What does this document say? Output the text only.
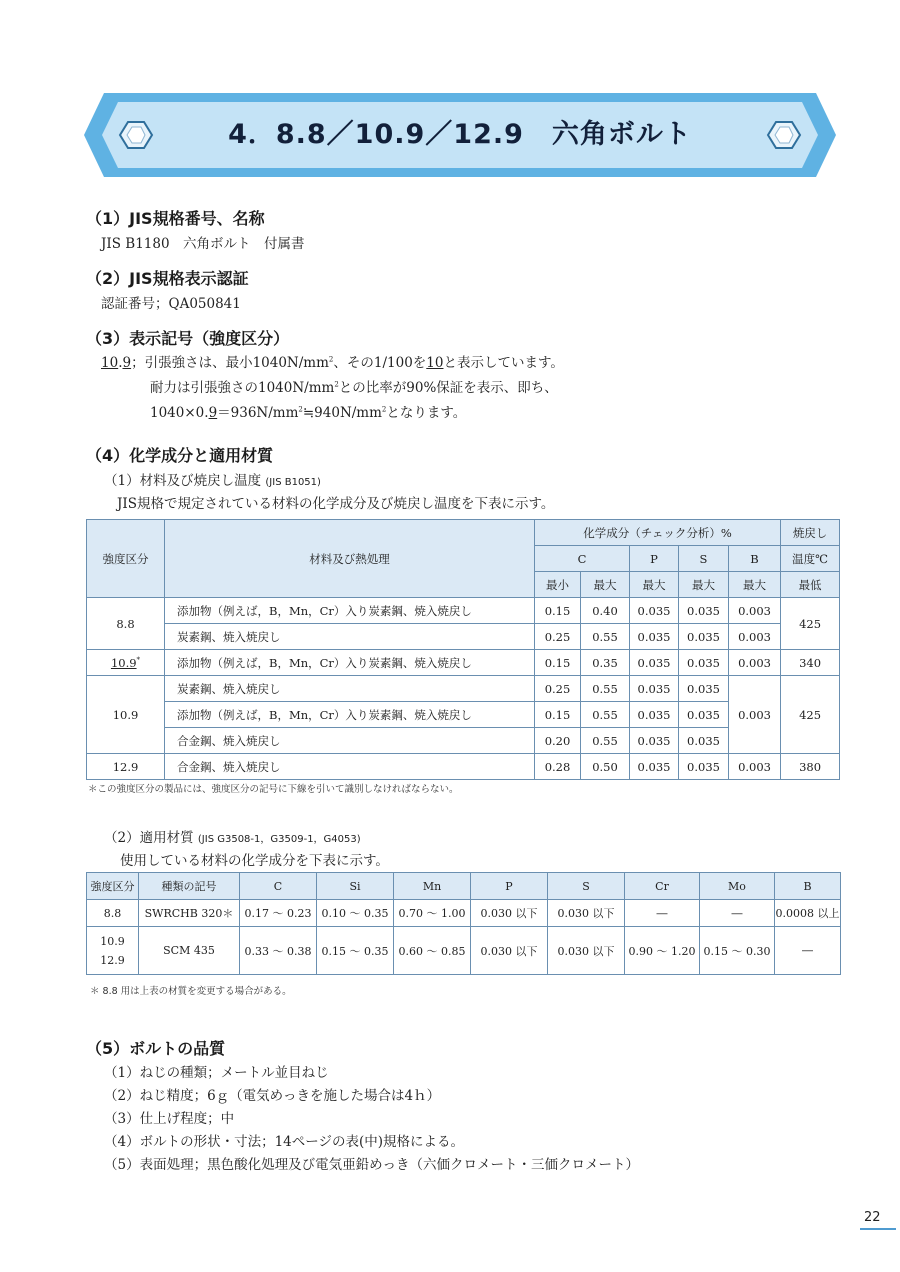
4．8.8／10.9／12.9　六角ボルト
（1）JIS規格番号、名称
JIS B1180　六角ボルト　付属書
（2）JIS規格表示認証
認証番号；QA050841
（3）表示記号（強度区分）
10.9；引張強さは、最小$1040N/mm^2$、その1/100を10と表示しています。
耐力は引張強さの$1040N/mm^2$との比率が90%保証を表示、即ち、
$1040\times 0.9=936N/mm^2≒940N/mm^2$となります。
（4）化学成分と適用材質
（1）材料及び焼戻し温度 (JIS B1051)
JIS規格で規定されている材料の化学成分及び焼戻し温度を下表に示す。
強度区分	材料及び熱処理	化学成分（チェック分析）%					焼戻し
		C		P	S	B	温度℃
		最小	最大	最大	最大	最大	最低
8.8	添加物（例えば，B，Mn，Cr）入り炭素鋼、焼入焼戻し	0.15	0.40	0.035	0.035	0.003	425
	炭素鋼、焼入焼戻し	0.25	0.55	0.035	0.035	0.003	
10.9*	添加物（例えば，B，Mn，Cr）入り炭素鋼、焼入焼戻し	0.15	0.35	0.035	0.035	0.003	340
10.9	炭素鋼、焼入焼戻し	0.25	0.55	0.035	0.035	0.003	425
	添加物（例えば，B，Mn，Cr）入り炭素鋼、焼入焼戻し	0.15	0.55	0.035	0.035		
	合金鋼、焼入焼戻し	0.20	0.55	0.035	0.035		
12.9	合金鋼、焼入焼戻し	0.28	0.50	0.035	0.035	0.003	380
＊この強度区分の製品には、強度区分の記号に下線を引いて識別しなければならない。
（2）適用材質 (JIS G3508-1，G3509-1，G4053)
使用している材料の化学成分を下表に示す。
強度区分	種類の記号	C	Si	Mn	P	S	Cr	Mo	B
8.8	SWRCHB 320＊	0.17 ～ 0.23	0.10 ～ 0.35	0.70 ～ 1.00	0.030 以下	0.030 以下	―	―	0.0008 以上

10.9
12.9	SCM 435	0.33 ～ 0.38	0.15 ～ 0.35	0.60 ～ 0.85	0.030 以下	0.030 以下	0.90 ～ 1.20	0.15 ～ 0.30	―
＊ 8.8 用は上表の材質を変更する場合がある。
（5）ボルトの品質
（1）ねじの種類；メートル並目ねじ
（2）ねじ精度；6ｇ（電気めっきを施した場合は4ｈ）
（3）仕上げ程度；中
（4）ボルトの形状・寸法；14ページの表(中)規格による。
（5）表面処理；黒色酸化処理及び電気亜鉛めっき（六価クロメート・三価クロメート）
22
